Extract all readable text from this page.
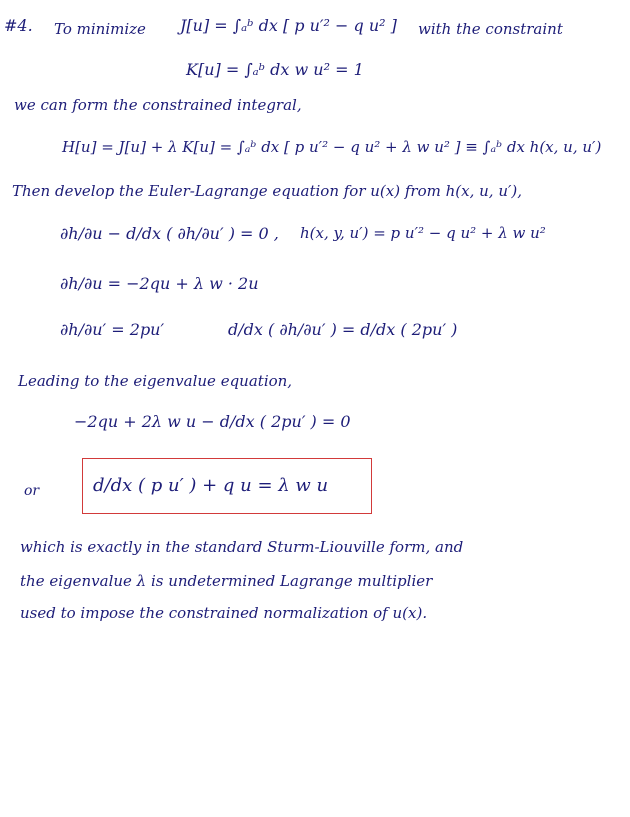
#4. To minimize J[u] = ∫ₐᵇ dx [ p u′² − q u² ] with the constraint
K[u] = ∫ₐᵇ dx w u² = 1
we can form the constrained integral,
H[u] = J[u] + λ K[u] = ∫ₐᵇ dx [ p u′² − q u² + λ w u² ] ≡ ∫ₐᵇ dx h(x, u, u′)
Then develop the Euler-Lagrange equation for u(x) from h(x, u, u′),
∂h/∂u − d/dx ( ∂h/∂u′ ) = 0 , h(x, y, u′) = p u′² − q u² + λ w u²
∂h/∂u = −2qu + λ w · 2u
∂h/∂u′ = 2pu′	d/dx ( ∂h/∂u′ ) = d/dx ( 2pu′ )
Leading to the eigenvalue equation,
−2qu + 2λ w u − d/dx ( 2pu′ ) = 0
or	d/dx ( p u′ ) + q u = λ w u
which is exactly in the standard Sturm-Liouville form, and
the eigenvalue λ is undetermined Lagrange multiplier
used to impose the constrained normalization of u(x).
